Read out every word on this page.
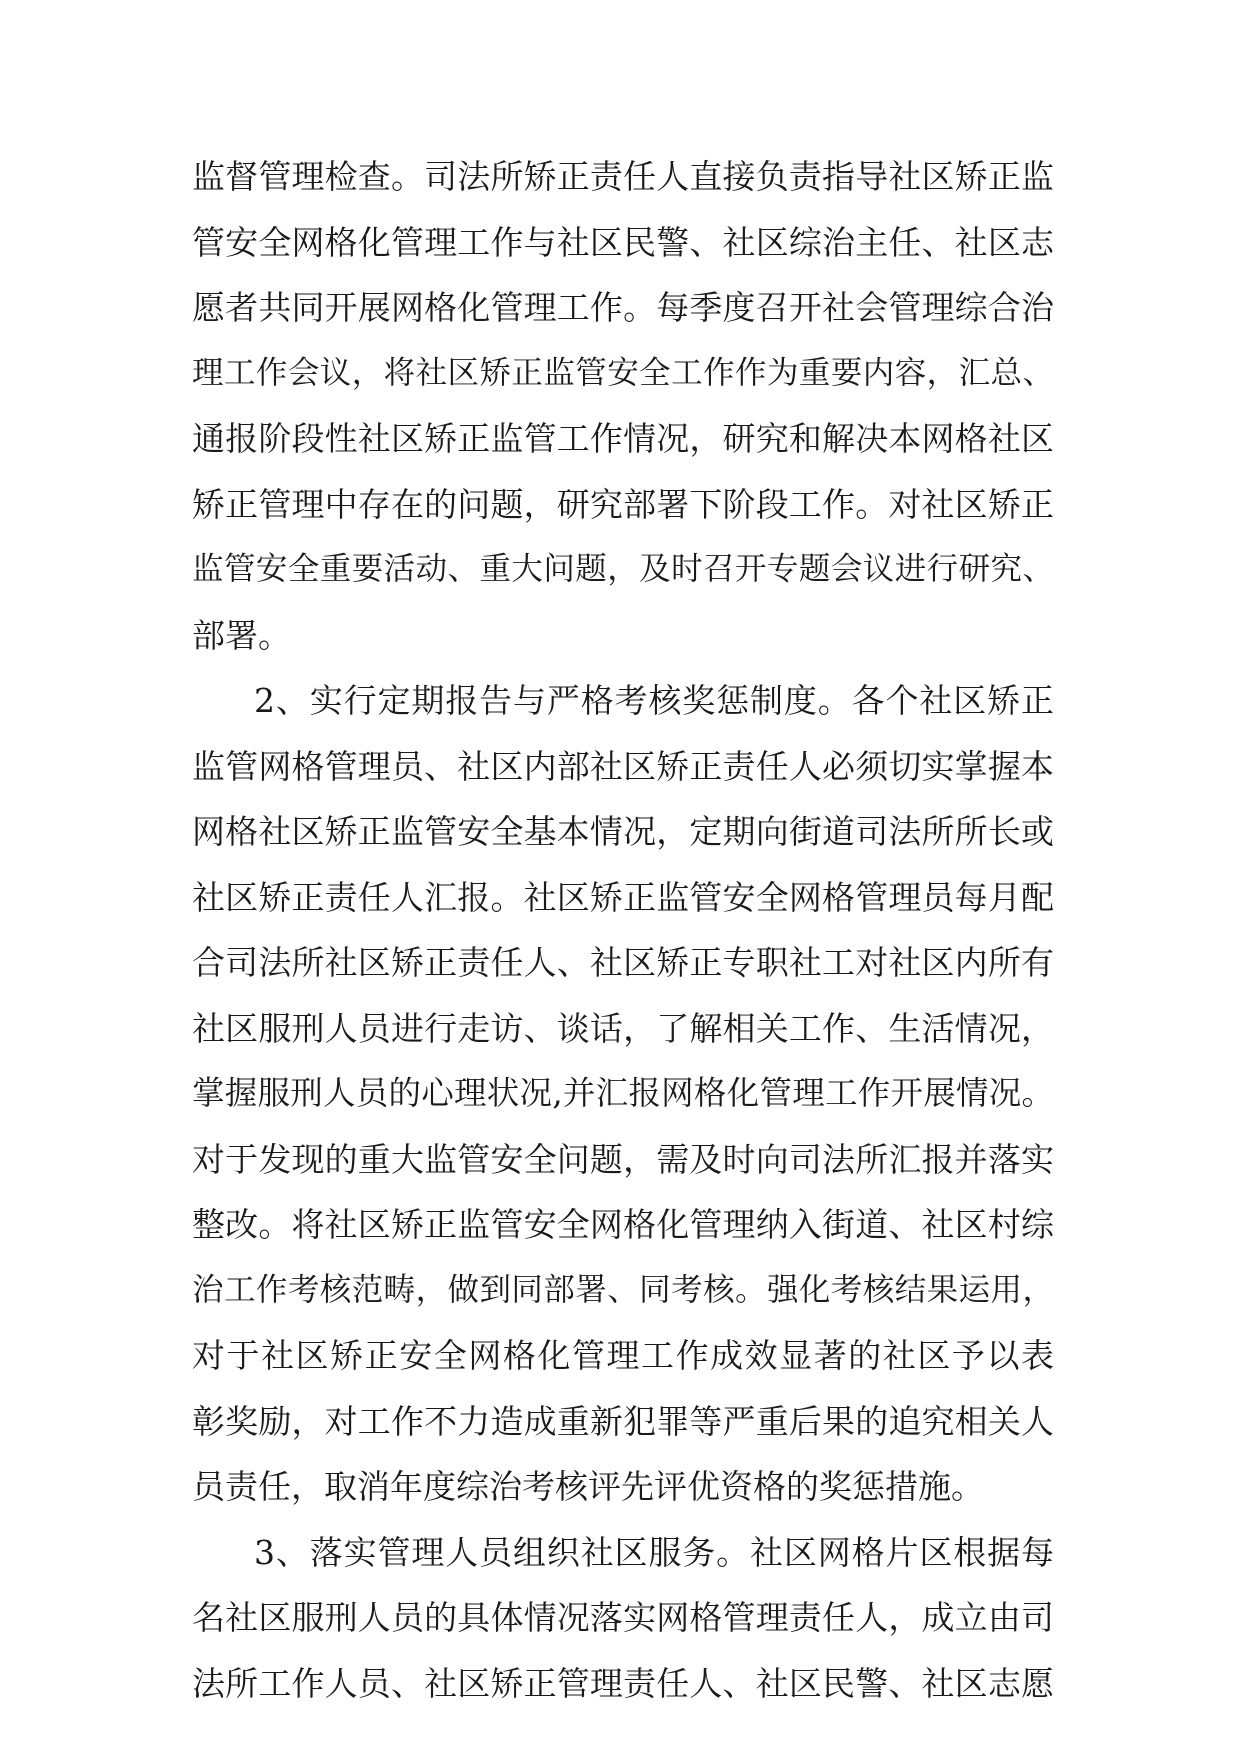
监督管理检查。司法所矫正责任人直接负责指导社区矫正监
管安全网格化管理工作与社区民警、社区综治主任、社区志
愿者共同开展网格化管理工作。每季度召开社会管理综合治
理工作会议，将社区矫正监管安全工作作为重要内容，汇总、
通报阶段性社区矫正监管工作情况，研究和解决本网格社区
矫正管理中存在的问题，研究部署下阶段工作。对社区矫正
监管安全重要活动、重大问题，及时召开专题会议进行研究、
部署。
2、实行定期报告与严格考核奖惩制度。各个社区矫正
监管网格管理员、社区内部社区矫正责任人必须切实掌握本
网格社区矫正监管安全基本情况，定期向街道司法所所长或
社区矫正责任人汇报。社区矫正监管安全网格管理员每月配
合司法所社区矫正责任人、社区矫正专职社工对社区内所有
社区服刑人员进行走访、谈话，了解相关工作、生活情况，
掌握服刑人员的心理状况,并汇报网格化管理工作开展情况。
对于发现的重大监管安全问题，需及时向司法所汇报并落实
整改。将社区矫正监管安全网格化管理纳入街道、社区村综
治工作考核范畴，做到同部署、同考核。强化考核结果运用，
对于社区矫正安全网格化管理工作成效显著的社区予以表
彰奖励，对工作不力造成重新犯罪等严重后果的追究相关人
员责任，取消年度综治考核评先评优资格的奖惩措施。
3、落实管理人员组织社区服务。社区网格片区根据每
名社区服刑人员的具体情况落实网格管理责任人，成立由司
法所工作人员、社区矫正管理责任人、社区民警、社区志愿
